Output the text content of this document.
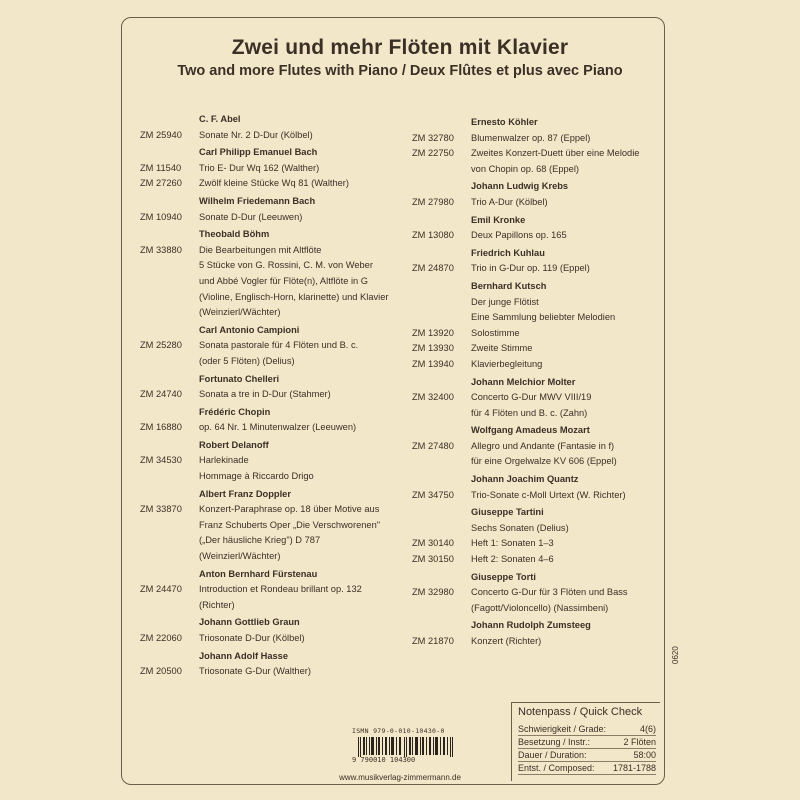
Zwei und mehr Flöten mit Klavier
Two and more Flutes with Piano / Deux Flûtes et plus avec Piano
C. F. Abel
ZM 25940	Sonate Nr. 2 D-Dur (Kölbel)
Carl Philipp Emanuel Bach
ZM 11540	Trio E- Dur Wq 162 (Walther)
ZM 27260	Zwölf kleine Stücke Wq 81 (Walther)
Wilhelm Friedemann Bach
ZM 10940	Sonate D-Dur (Leeuwen)
Theobald Böhm
ZM 33880	Die Bearbeitungen mit Altflöte
5 Stücke von G. Rossini, C. M. von Weber
und Abbé Vogler für Flöte(n), Altflöte in G
(Violine, Englisch-Horn, klarinette) und Klavier
(Weinzierl/Wächter)
Carl Antonio Campioni
ZM 25280	Sonata pastorale für 4 Flöten und B. c.
(oder 5 Flöten) (Delius)
Fortunato Chelleri
ZM 24740	Sonata a tre in D-Dur (Stahmer)
Frédéric Chopin
ZM 16880	op. 64 Nr. 1 Minutenwalzer (Leeuwen)
Robert Delanoff
ZM 34530	Harlekinade
Hommage à Riccardo Drigo
Albert Franz Doppler
ZM 33870	Konzert-Paraphrase op. 18 über Motive aus
Franz Schuberts Oper „Die Verschworenen"
(„Der häusliche Krieg") D 787
(Weinzierl/Wächter)
Anton Bernhard Fürstenau
ZM 24470	Introduction et Rondeau brillant op. 132
(Richter)
Johann Gottlieb Graun
ZM 22060	Triosonate D-Dur (Kölbel)
Johann Adolf Hasse
ZM 20500	Triosonate G-Dur (Walther)
Ernesto Köhler
ZM 32780	Blumenwalzer op. 87 (Eppel)
ZM 22750	Zweites Konzert-Duett über eine Melodie
von Chopin op. 68 (Eppel)
Johann Ludwig Krebs
ZM 27980	Trio A-Dur (Kölbel)
Emil Kronke
ZM 13080	Deux Papillons op. 165
Friedrich Kuhlau
ZM 24870	Trio in G-Dur op. 119 (Eppel)
Bernhard Kutsch
Der junge Flötist
Eine Sammlung beliebter Melodien
ZM 13920	Solostimme
ZM 13930	Zweite Stimme
ZM 13940	Klavierbegleitung
Johann Melchior Molter
ZM 32400	Concerto G-Dur MWV VIII/19
für 4 Flöten und B. c. (Zahn)
Wolfgang Amadeus Mozart
ZM 27480	Allegro und Andante (Fantasie in f)
für eine Orgelwalze KV 606 (Eppel)
Johann Joachim Quantz
ZM 34750	Trio-Sonate c-Moll Urtext (W. Richter)
Giuseppe Tartini
Sechs Sonaten (Delius)
ZM 30140	Heft 1: Sonaten 1–3
ZM 30150	Heft 2: Sonaten 4–6
Giuseppe Torti
ZM 32980	Concerto G-Dur für 3 Flöten und Bass
(Fagott/Violoncello) (Nassimbeni)
Johann Rudolph Zumsteeg
ZM 21870	Konzert (Richter)
Notenpass / Quick Check
Schwierigkeit / Grade:	4(6)
Besetzung / Instr.:	2 Flöten
Dauer / Duration:	58:00
Entst. / Composed: 1781-1788
ISMN 979-0-010-10430-0
9 790010 104300
www.musikverlag-zimmermann.de
0620
